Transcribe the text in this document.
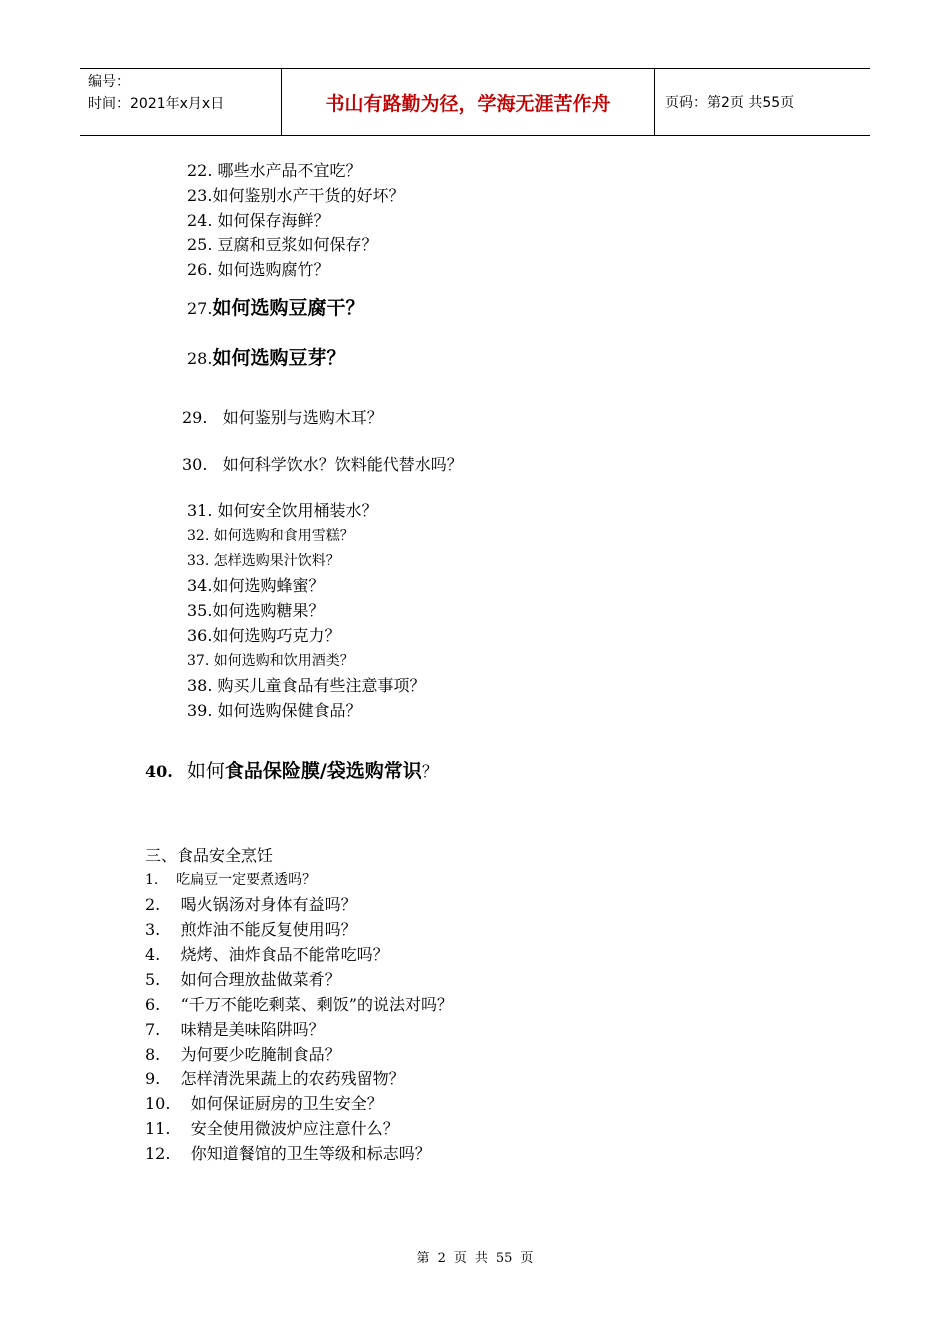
编号：
时间：2021年x月x日	书山有路勤为径，学海无涯苦作舟	页码：第2页 共55页
22. 哪些水产品不宜吃？
23.如何鉴别水产干货的好坏？
24. 如何保存海鲜？
25. 豆腐和豆浆如何保存？
26. 如何选购腐竹？
27.如何选购豆腐干？
28.如何选购豆芽？
29.   如何鉴别与选购木耳？
30.   如何科学饮水？饮料能代替水吗？
31. 如何安全饮用桶装水？
32. 如何选购和食用雪糕？
33. 怎样选购果汁饮料？
34.如何选购蜂蜜？
35.如何选购糖果？
36.如何选购巧克力？
37. 如何选购和饮用酒类？
38. 购买儿童食品有些注意事项？
39. 如何选购保健食品？
40. 如何食品保险膜/袋选购常识？
三、食品安全烹饪
1.    吃扁豆一定要煮透吗？
2.    喝火锅汤对身体有益吗？
3.    煎炸油不能反复使用吗？
4.    烧烤、油炸食品不能常吃吗？
5.    如何合理放盐做菜肴？
6.    “千万不能吃剩菜、剩饭”的说法对吗？
7.    味精是美味陷阱吗？
8.    为何要少吃腌制食品？
9.    怎样清洗果蔬上的农药残留物？
10.    如何保证厨房的卫生安全？
11.    安全使用微波炉应注意什么？
12.    你知道餐馆的卫生等级和标志吗？
第 2 页 共 55 页
